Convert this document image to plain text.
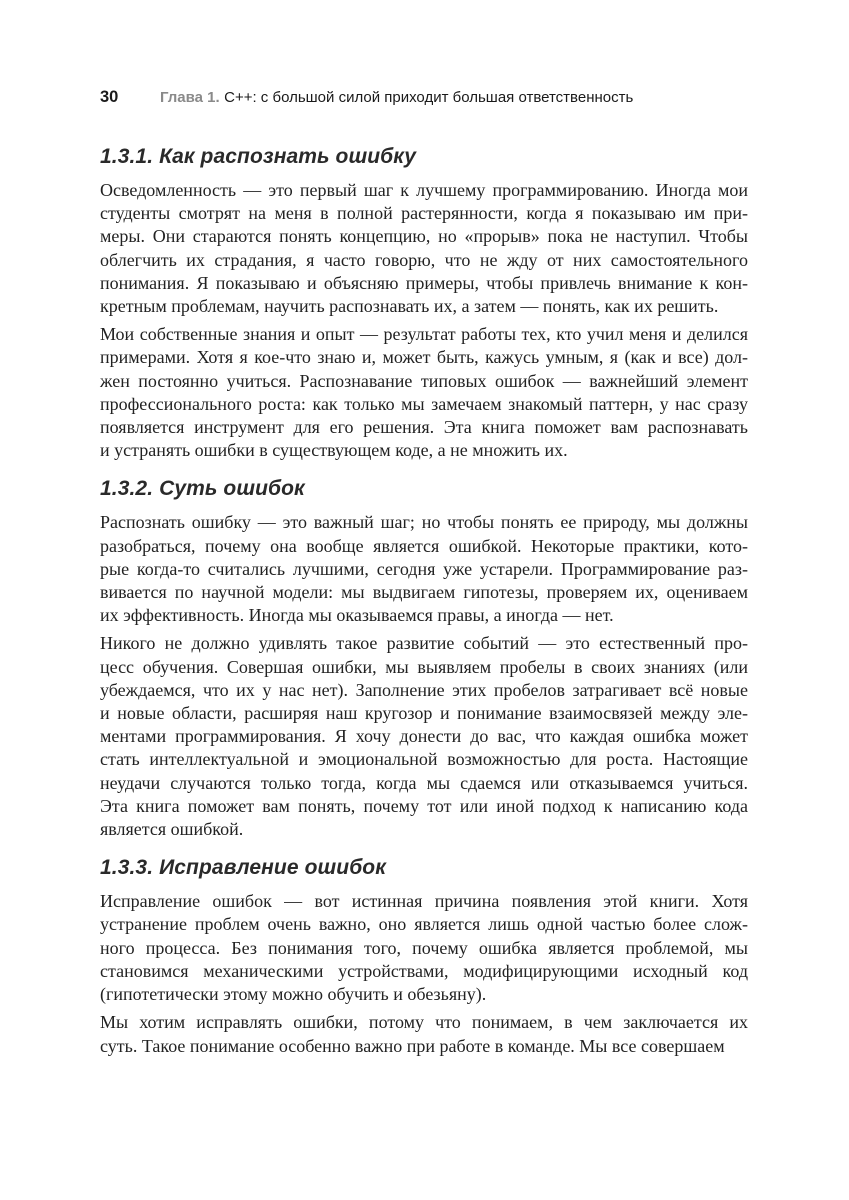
30	Глава 1. C++: с большой силой приходит большая ответственность
1.3.1. Как распознать ошибку

Осведомленность — это первый шаг к лучшему программированию. Иногда мои
студенты смотрят на меня в полной растерянности, когда я показываю им при-
меры. Они стараются понять концепцию, но «прорыв» пока не наступил. Чтобы
облегчить их страдания, я часто говорю, что не жду от них самостоятельного
понимания. Я показываю и объясняю примеры, чтобы привлечь внимание к кон-
кретным проблемам, научить распознавать их, а затем — понять, как их решить.

Мои собственные знания и опыт — результат работы тех, кто учил меня и делился
примерами. Хотя я кое-что знаю и, может быть, кажусь умным, я (как и все) дол-
жен постоянно учиться. Распознавание типовых ошибок — важнейший элемент
профессионального роста: как только мы замечаем знакомый паттерн, у нас сразу
появляется инструмент для его решения. Эта книга поможет вам распознавать
и устранять ошибки в существующем коде, а не множить их.

1.3.2. Суть ошибок

Распознать ошибку — это важный шаг; но чтобы понять ее природу, мы должны
разобраться, почему она вообще является ошибкой. Некоторые практики, кото-
рые когда-то считались лучшими, сегодня уже устарели. Программирование раз-
вивается по научной модели: мы выдвигаем гипотезы, проверяем их, оцениваем
их эффективность. Иногда мы оказываемся правы, а иногда — нет.

Никого не должно удивлять такое развитие событий — это естественный про-
цесс обучения. Совершая ошибки, мы выявляем пробелы в своих знаниях (или
убеждаемся, что их у нас нет). Заполнение этих пробелов затрагивает всё новые
и новые области, расширяя наш кругозор и понимание взаимосвязей между эле-
ментами программирования. Я хочу донести до вас, что каждая ошибка может
стать интеллектуальной и эмоциональной возможностью для роста. Настоящие
неудачи случаются только тогда, когда мы сдаемся или отказываемся учиться.
Эта книга поможет вам понять, почему тот или иной подход к написанию кода
является ошибкой.

1.3.3. Исправление ошибок

Исправление ошибок — вот истинная причина появления этой книги. Хотя
устранение проблем очень важно, оно является лишь одной частью более слож-
ного процесса. Без понимания того, почему ошибка является проблемой, мы
становимся механическими устройствами, модифицирующими исходный код
(гипотетически этому можно обучить и обезьяну).

Мы хотим исправлять ошибки, потому что понимаем, в чем заключается их
суть. Такое понимание особенно важно при работе в команде. Мы все совершаем
